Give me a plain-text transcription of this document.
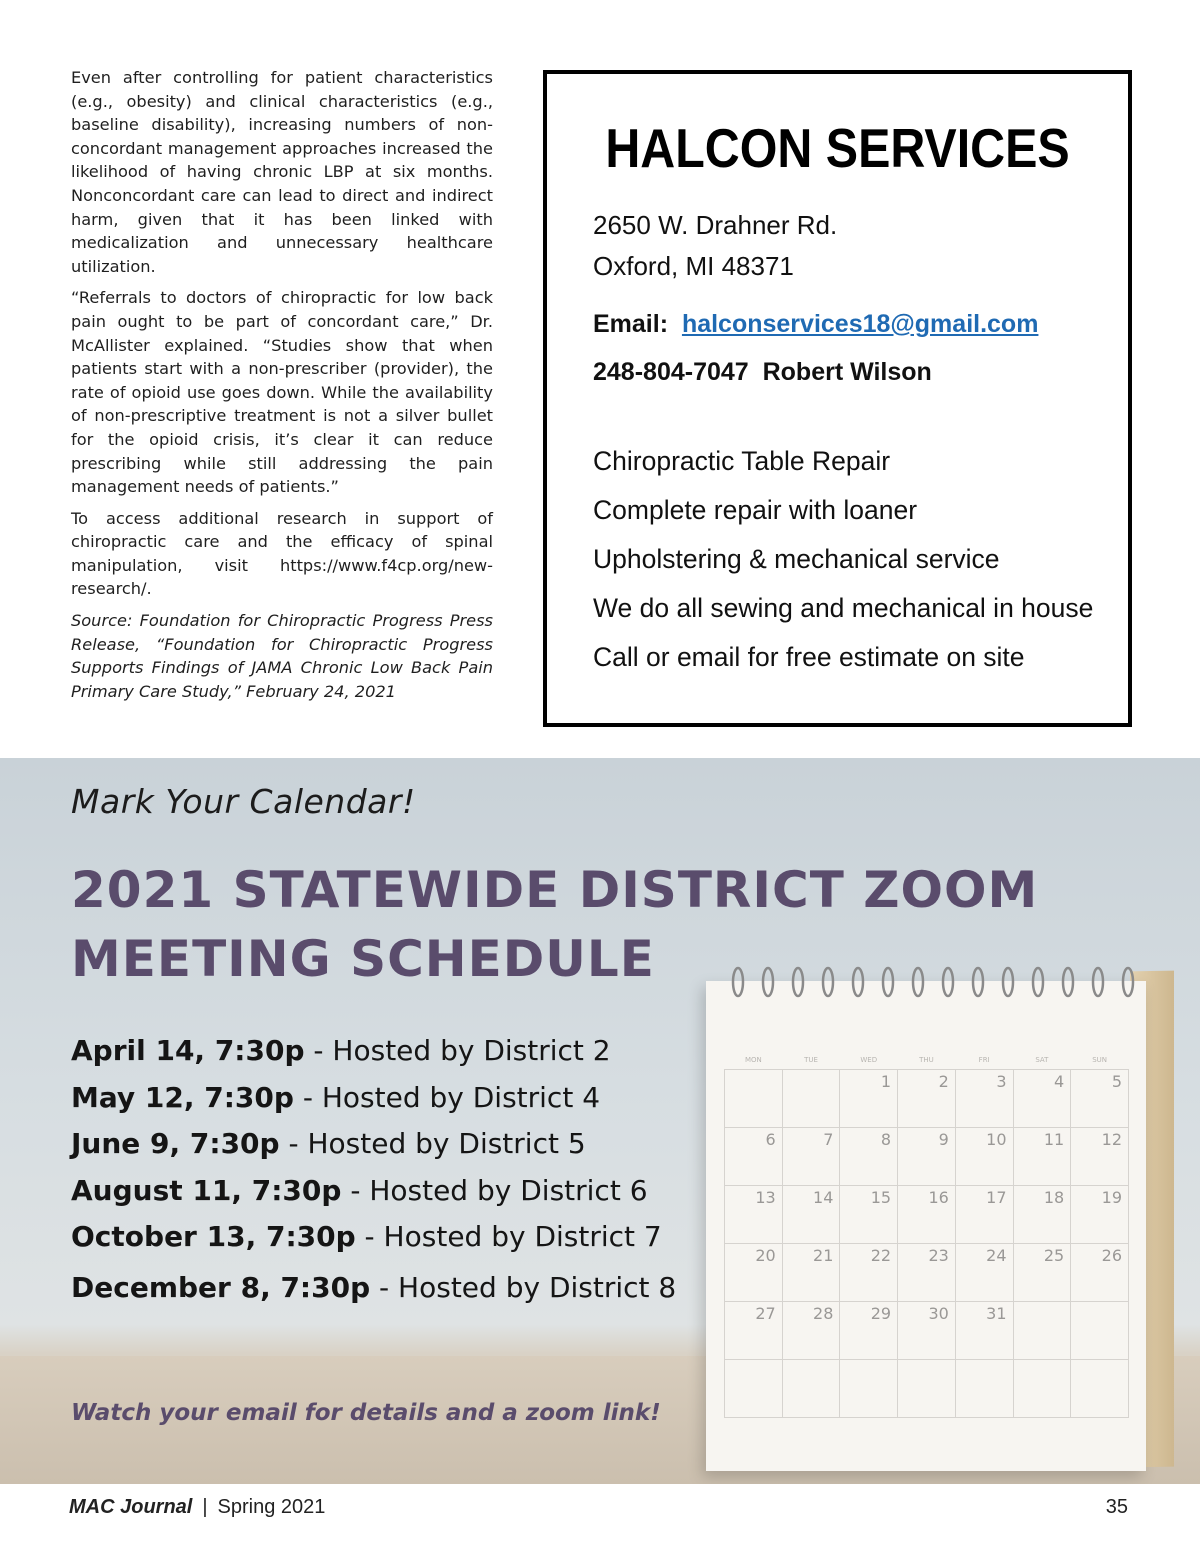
Even after controlling for patient characteristics (e.g., obesity) and clinical characteristics (e.g., baseline disability), increasing numbers of non-concordant management approaches increased the likelihood of having chronic LBP at six months. Nonconcordant care can lead to direct and indirect harm, given that it has been linked with medicalization and unnecessary healthcare utilization.

“Referrals to doctors of chiropractic for low back pain ought to be part of concordant care,” Dr. McAllister explained. “Studies show that when patients start with a non-prescriber (provider), the rate of opioid use goes down. While the availability of non-prescriptive treatment is not a silver bullet for the opioid crisis, it’s clear it can reduce prescribing while still addressing the pain management needs of patients.”

To access additional research in support of chiropractic care and the efficacy of spinal manipulation, visit https://www.f4cp.org/new-research/.

Source: Foundation for Chiropractic Progress Press Release, “Foundation for Chiropractic Progress Supports Findings of JAMA Chronic Low Back Pain Primary Care Study,” February 24, 2021

HALCON SERVICES
2650 W. Drahner Rd.
Oxford, MI 48371
Email: halconservices18@gmail.com
248-804-7047 Robert Wilson
Chiropractic Table Repair
Complete repair with loaner
Upholstering & mechanical service
We do all sewing and mechanical in house
Call or email for free estimate on site
MON	TUE	WED	THU	FRI	SAT	SUN
		1	2	3	4	5
6	7	8	9	10	11	12
13	14	15	16	17	18	19
20	21	22	23	24	25	26
27	28	29	30	31		

Mark Your Calendar!
2021 STATEWIDE DISTRICT ZOOM
MEETING SCHEDULE
April 14, 7:30p - Hosted by District 2
May 12, 7:30p - Hosted by District 4
June 9, 7:30p - Hosted by District 5
August 11, 7:30p - Hosted by District 6
October 13, 7:30p - Hosted by District 7
December 8, 7:30p - Hosted by District 8
Watch your email for details and a zoom link!
MAC Journal | Spring 2021	35
